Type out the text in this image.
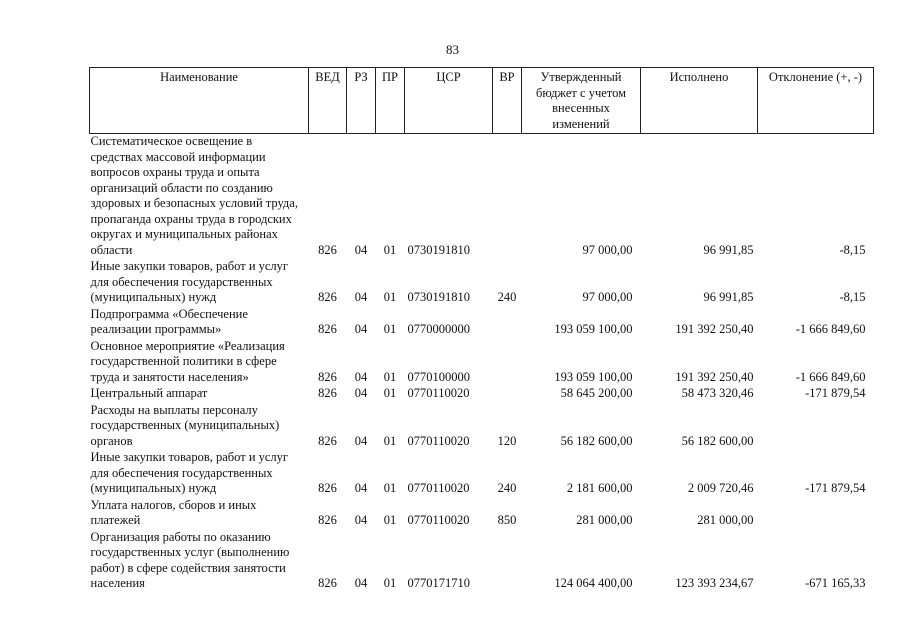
83
Наименование	ВЕД	РЗ	ПР	ЦСР	ВР	Утвержденный бюджет с учетом внесенных изменений	Исполнено	Отклонение (+, -)
Систематическое освещение в средствах массовой информации вопросов охраны труда и опыта организаций области по созданию здоровых и безопасных условий труда, пропаганда охраны труда в городских округах и муниципальных районах области	826	04	01	0730191810		97 000,00	96 991,85	-8,15
Иные закупки товаров, работ и услуг для обеспечения государственных (муниципальных) нужд	826	04	01	0730191810	240	97 000,00	96 991,85	-8,15
Подпрограмма «Обеспечение реализации программы»	826	04	01	0770000000		193 059 100,00	191 392 250,40	-1 666 849,60
Основное мероприятие «Реализация государственной политики в сфере труда и занятости населения»	826	04	01	0770100000		193 059 100,00	191 392 250,40	-1 666 849,60
Центральный аппарат	826	04	01	0770110020		58 645 200,00	58 473 320,46	-171 879,54
Расходы на выплаты персоналу государственных (муниципальных) органов	826	04	01	0770110020	120	56 182 600,00	56 182 600,00	
Иные закупки товаров, работ и услуг для обеспечения государственных (муниципальных) нужд	826	04	01	0770110020	240	2 181 600,00	2 009 720,46	-171 879,54
Уплата налогов, сборов и иных платежей	826	04	01	0770110020	850	281 000,00	281 000,00	
Организация работы по оказанию государственных услуг (выполнению работ) в сфере содействия занятости населения	826	04	01	0770171710		124 064 400,00	123 393 234,67	-671 165,33
